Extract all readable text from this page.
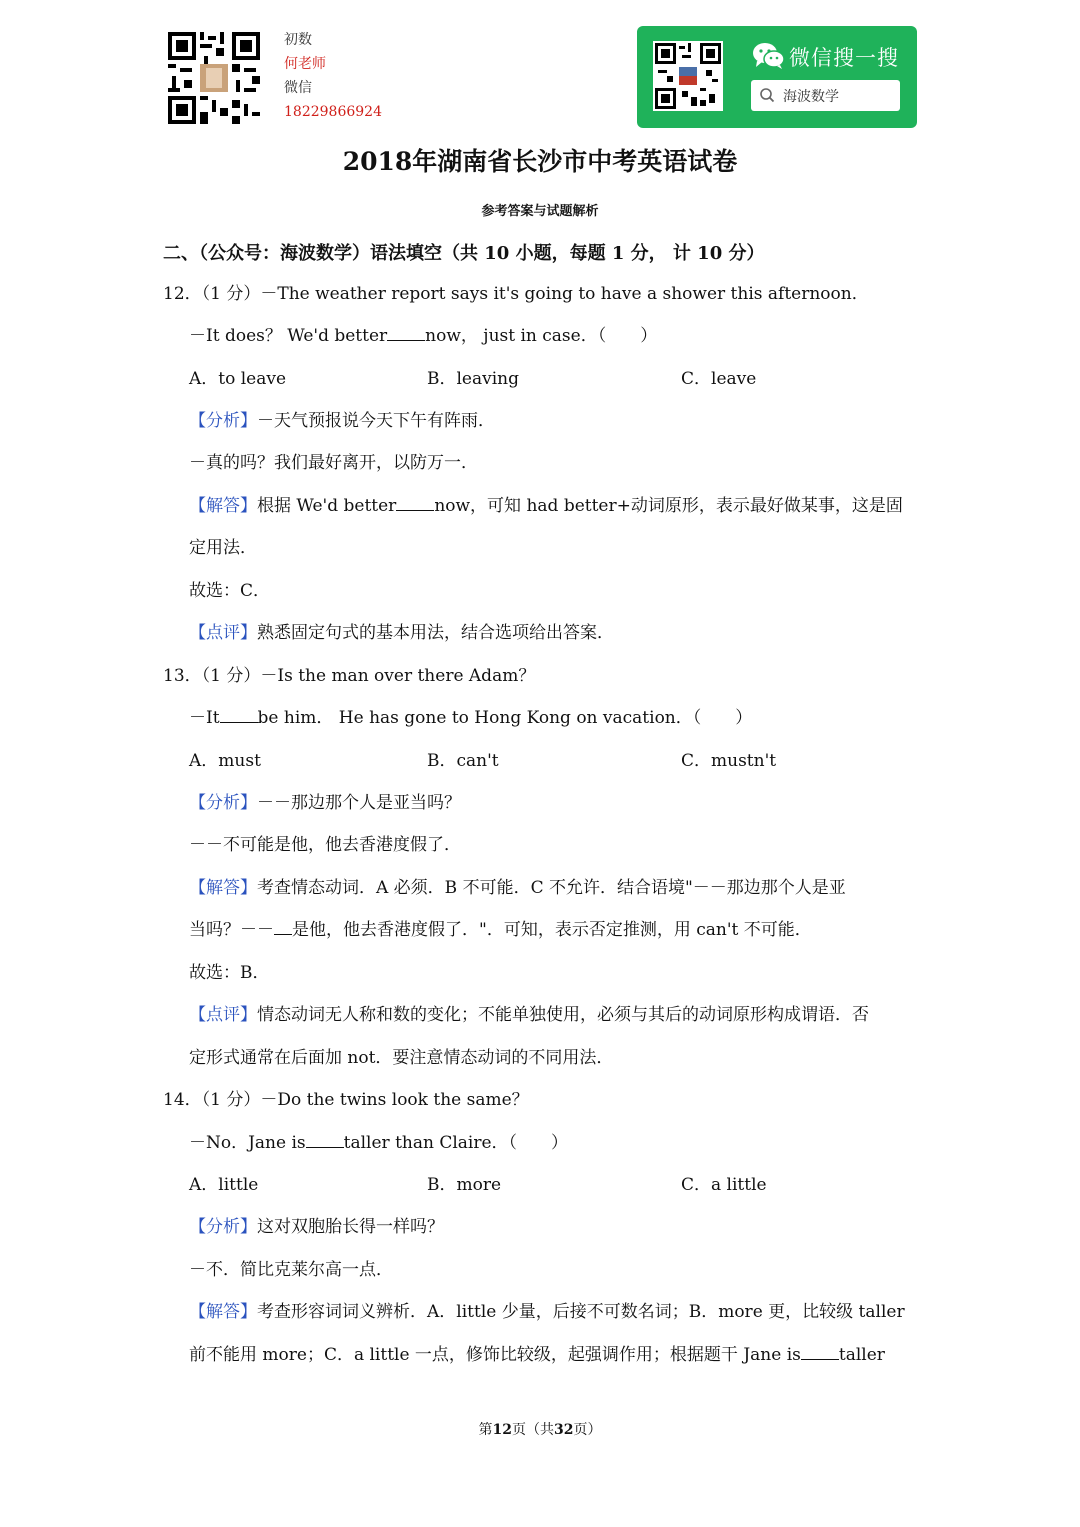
初数
何老师
微信
18229866924
微信搜一搜
海波数学
2018年湖南省长沙市中考英语试卷
参考答案与试题解析
二、（公众号：海波数学）语法填空（共 10 小题，每题 1 分， 计 10 分）
12．（1 分）－The weather report says it's going to have a shower this afternoon．
－It does？ We'd better now， just in case．（　　）
A．to leave	B．leaving	C．leave
【分析】－天气预报说今天下午有阵雨．
－真的吗？我们最好离开，以防万一．
【解答】根据 We'd better now，可知 had better+动词原形，表示最好做某事，这是固
定用法．
故选：C．
【点评】熟悉固定句式的基本用法，结合选项给出答案．
13．（1 分）－Is the man over there Adam？
－It be him． He has gone to Hong Kong on vacation．（　　）
A．must	B．can't	C．mustn't
【分析】－－那边那个人是亚当吗？
－－不可能是他，他去香港度假了．
【解答】考查情态动词．A 必须．B 不可能．C 不允许．结合语境"－－那边那个人是亚
当吗？－－ 是他，他去香港度假了．"．可知，表示否定推测，用 can't 不可能．
故选：B．
【点评】情态动词无人称和数的变化；不能单独使用，必须与其后的动词原形构成谓语．否
定形式通常在后面加 not．要注意情态动词的不同用法．
14．（1 分）－Do the twins look the same？
－No．Jane is taller than Claire．（　　）
A．little	B．more	C．a little
【分析】这对双胞胎长得一样吗？
－不．简比克莱尔高一点．
【解答】考查形容词词义辨析．A．little 少量，后接不可数名词；B．more 更，比较级 taller
前不能用 more；C．a little 一点，修饰比较级，起强调作用；根据题干 Jane is taller
第12页（共32页）
